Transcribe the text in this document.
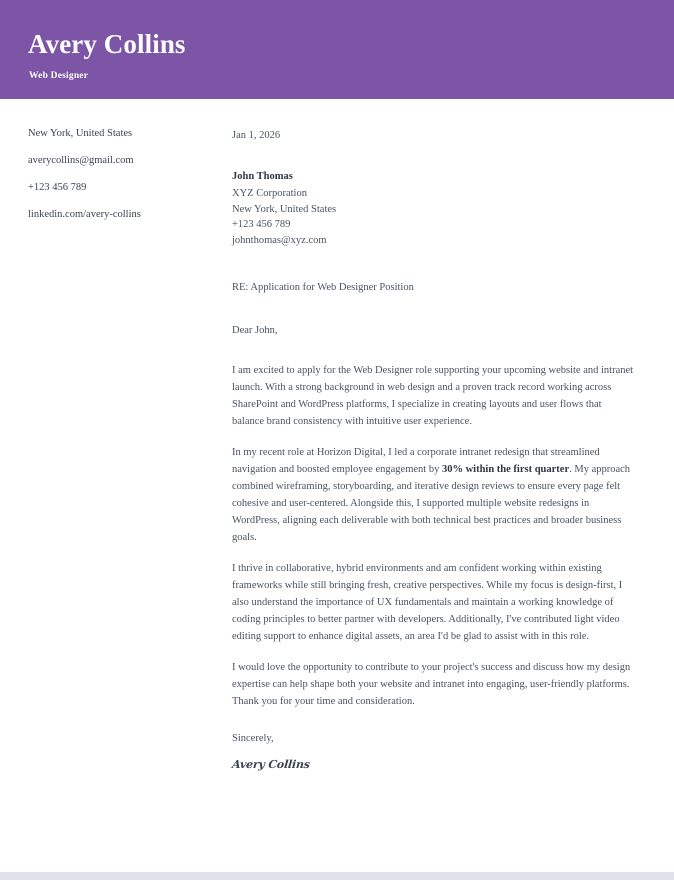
Avery Collins
Web Designer
New York, United States
averycollins@gmail.com
+123 456 789
linkedin.com/avery-collins
Jan 1, 2026
John Thomas
XYZ Corporation
New York, United States
+123 456 789
johnthomas@xyz.com
RE: Application for Web Designer Position
Dear John,

I am excited to apply for the Web Designer role supporting your upcoming website and intranet launch. With a strong background in web design and a proven track record working across SharePoint and WordPress platforms, I specialize in creating layouts and user flows that balance brand consistency with intuitive user experience.

In my recent role at Horizon Digital, I led a corporate intranet redesign that streamlined navigation and boosted employee engagement by 30% within the first quarter. My approach combined wireframing, storyboarding, and iterative design reviews to ensure every page felt cohesive and user-centered. Alongside this, I supported multiple website redesigns in WordPress, aligning each deliverable with both technical best practices and broader business goals.

I thrive in collaborative, hybrid environments and am confident working within existing frameworks while still bringing fresh, creative perspectives. While my focus is design-first, I also understand the importance of UX fundamentals and maintain a working knowledge of coding principles to better partner with developers. Additionally, I've contributed light video editing support to enhance digital assets, an area I'd be glad to assist with in this role.

I would love the opportunity to contribute to your project's success and discuss how my design expertise can help shape both your website and intranet into engaging, user-friendly platforms. Thank you for your time and consideration.

Sincerely,
Avery Collins
